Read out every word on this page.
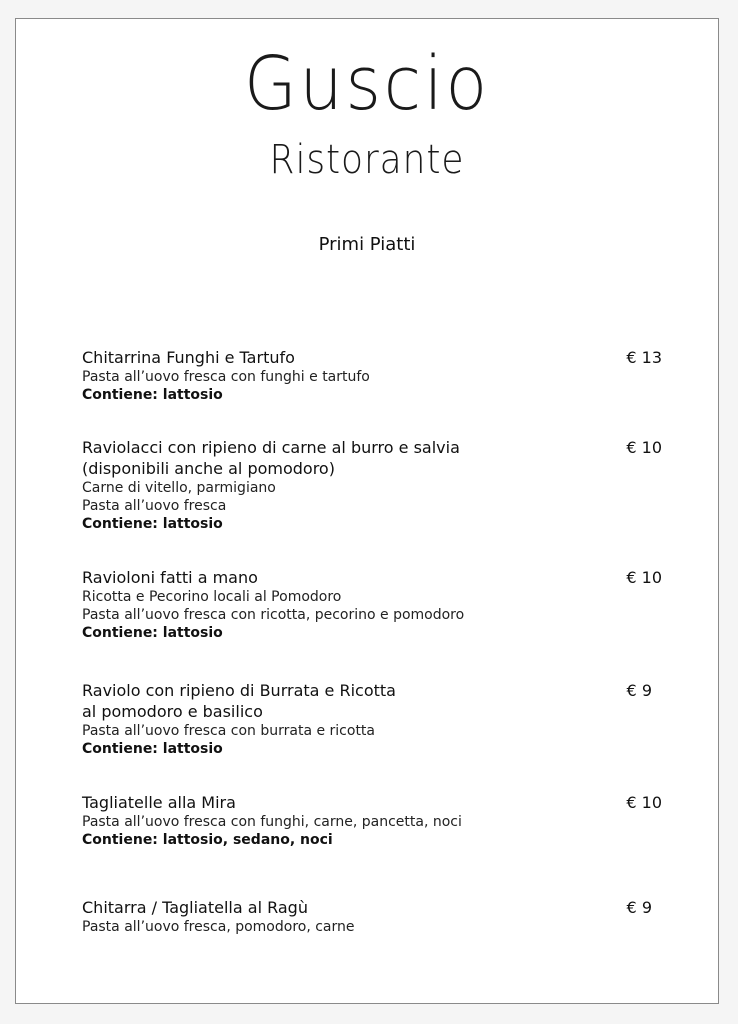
Guscio
Ristorante
Primi Piatti

Chitarrina Funghi e Tartufo

Pasta all’uovo fresca con funghi e tartufo

Contiene: lattosio

€ 13

Raviolacci con ripieno di carne al burro e salvia

(disponibili anche al pomodoro)

Carne di vitello, parmigiano

Pasta all’uovo fresca

Contiene: lattosio

€ 10

Ravioloni fatti a mano

Ricotta e Pecorino locali al Pomodoro

Pasta all’uovo fresca con ricotta, pecorino e pomodoro

Contiene: lattosio

€ 10

Raviolo con ripieno di Burrata e Ricotta

al pomodoro e basilico

Pasta all’uovo fresca con burrata e ricotta

Contiene: lattosio

€ 9

Tagliatelle alla Mira

Pasta all’uovo fresca con funghi, carne, pancetta, noci

Contiene: lattosio, sedano, noci

€ 10

Chitarra / Tagliatella al Ragù

Pasta all’uovo fresca, pomodoro, carne

€ 9
